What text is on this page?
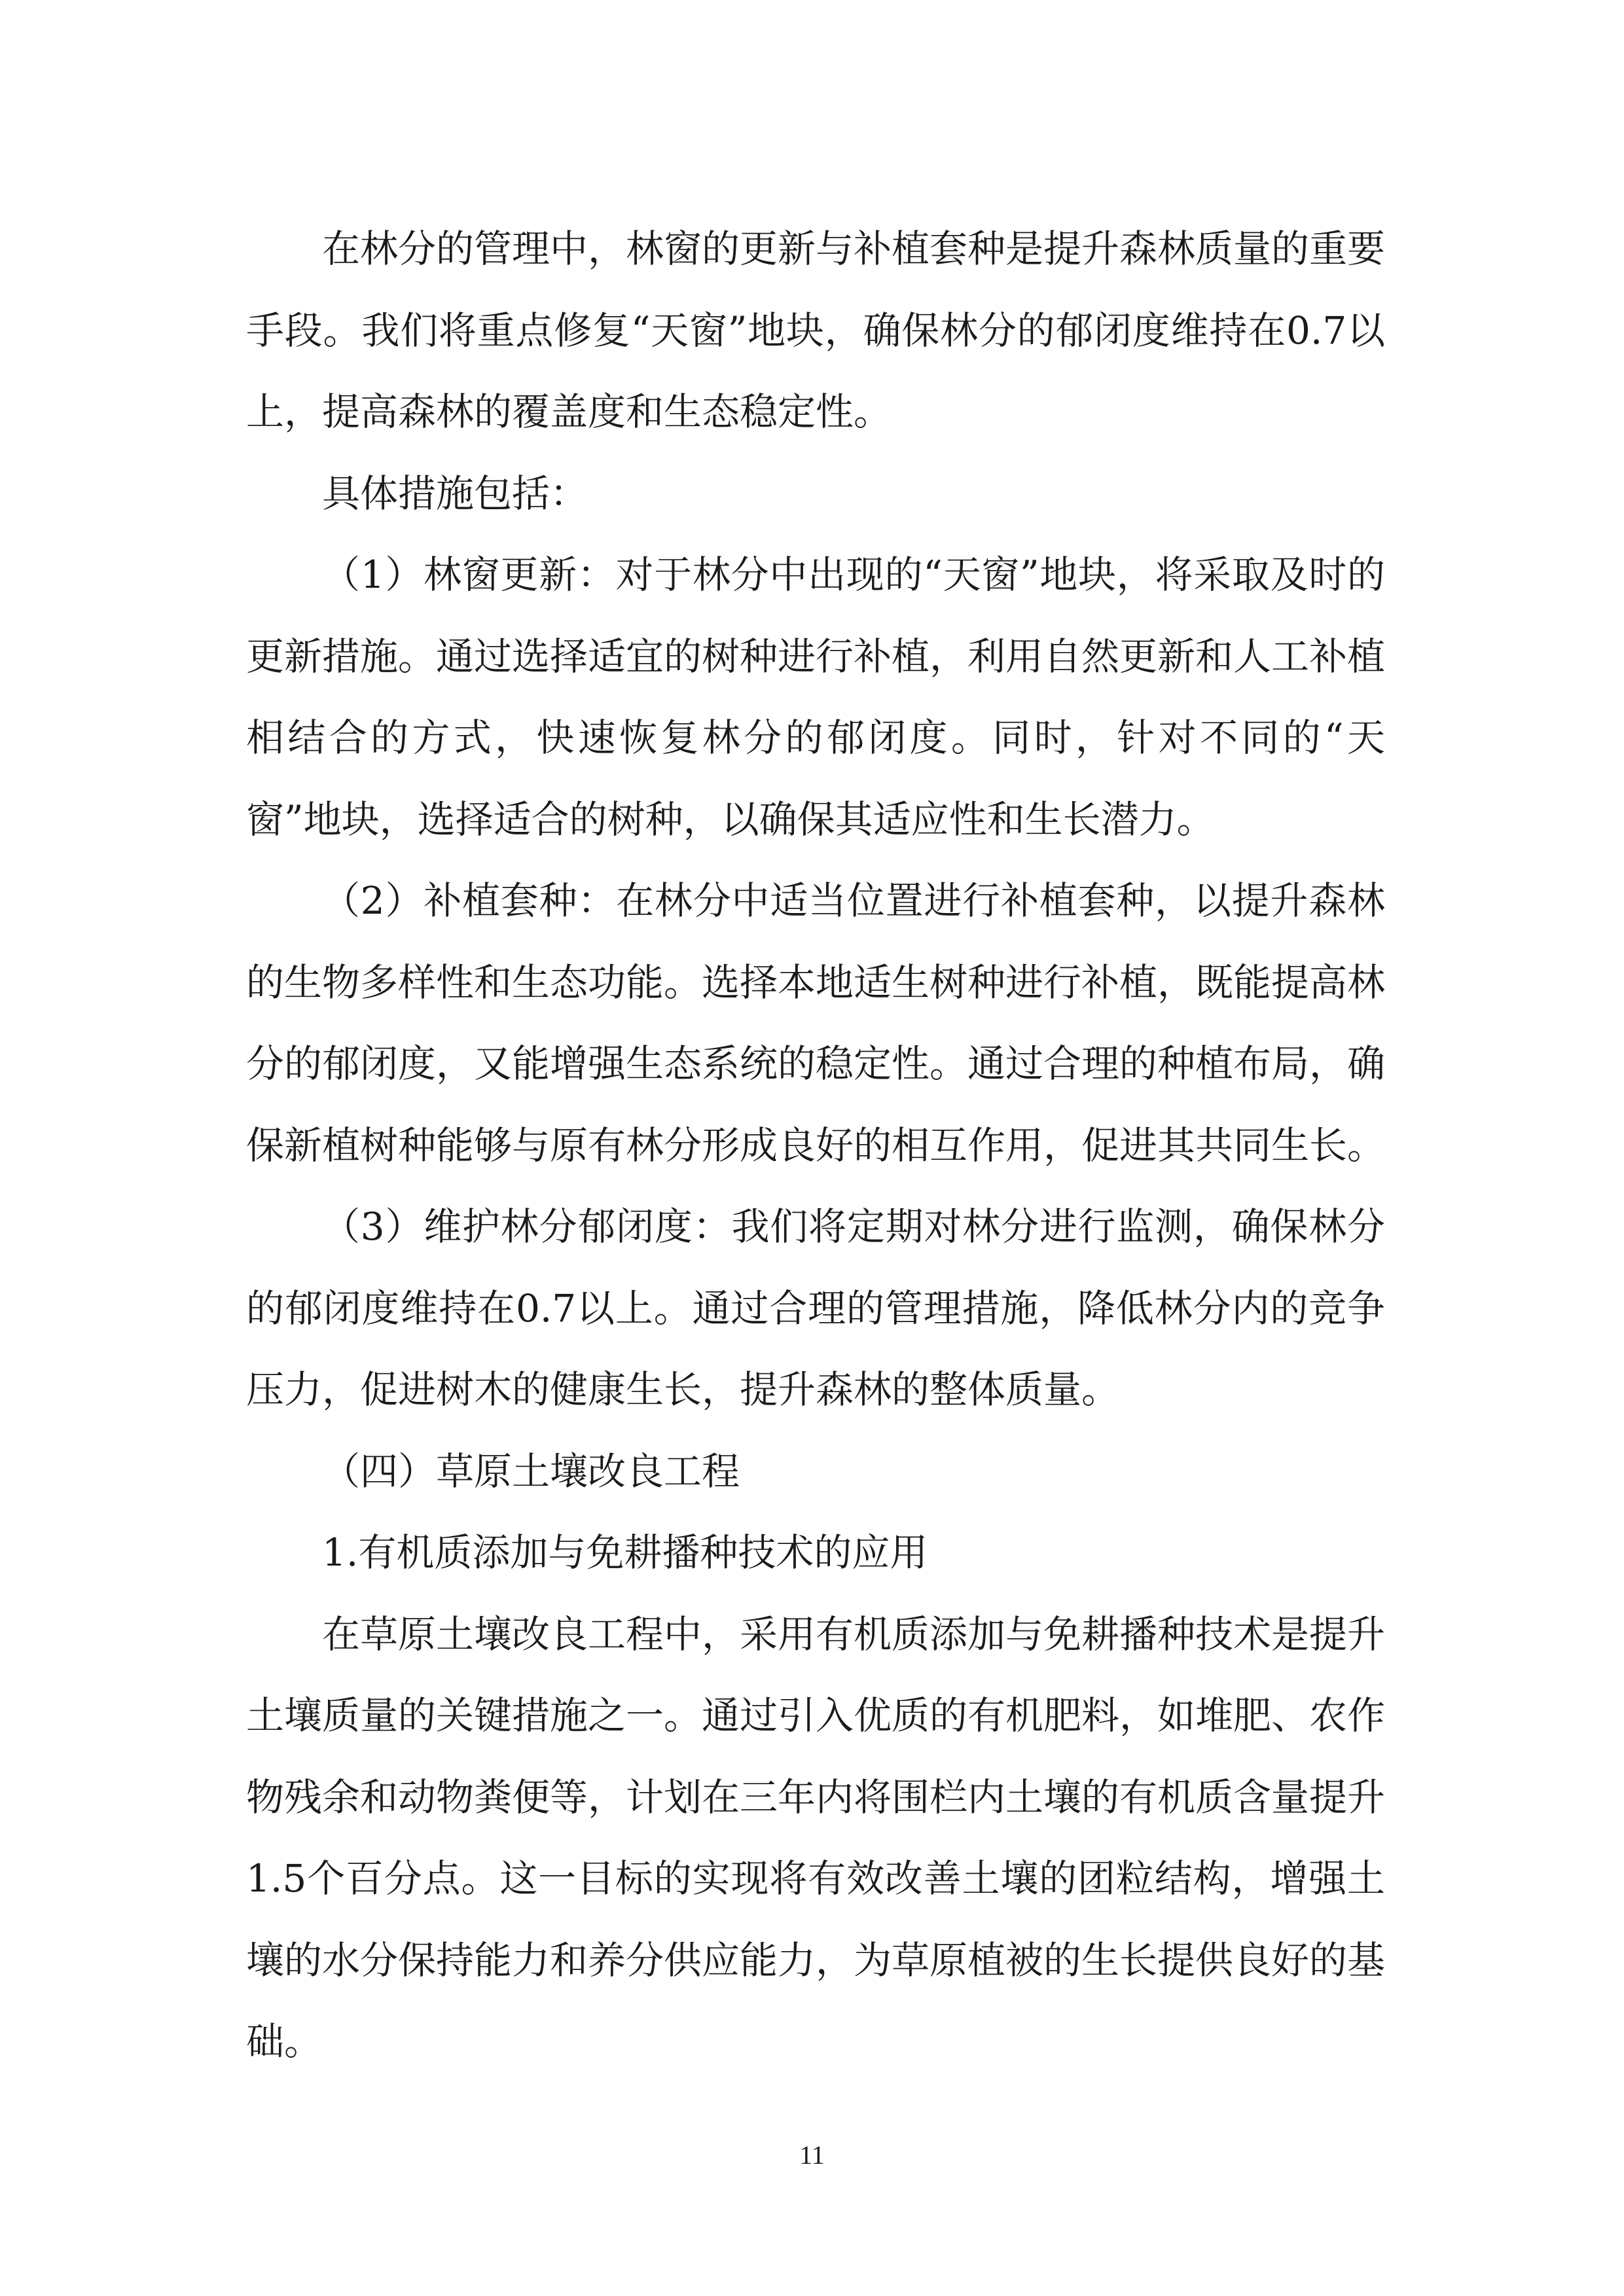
在林分的管理中，林窗的更新与补植套种是提升森林质量的重要手段。我们将重点修复“天窗”地块，确保林分的郁闭度维持在0.7以上，提高森林的覆盖度和生态稳定性。

具体措施包括：

（1）林窗更新：对于林分中出现的“天窗”地块，将采取及时的更新措施。通过选择适宜的树种进行补植，利用自然更新和人工补植相结合的方式，快速恢复林分的郁闭度。同时，针对不同的“天窗”地块，选择适合的树种，以确保其适应性和生长潜力。

（2）补植套种：在林分中适当位置进行补植套种，以提升森林的生物多样性和生态功能。选择本地适生树种进行补植，既能提高林分的郁闭度，又能增强生态系统的稳定性。通过合理的种植布局，确保新植树种能够与原有林分形成良好的相互作用，促进其共同生长。

（3）维护林分郁闭度：我们将定期对林分进行监测，确保林分的郁闭度维持在0.7以上。通过合理的管理措施，降低林分内的竞争压力，促进树木的健康生长，提升森林的整体质量。

（四）草原土壤改良工程

1.有机质添加与免耕播种技术的应用

在草原土壤改良工程中，采用有机质添加与免耕播种技术是提升土壤质量的关键措施之一。通过引入优质的有机肥料，如堆肥、农作物残余和动物粪便等，计划在三年内将围栏内土壤的有机质含量提升1.5个百分点。这一目标的实现将有效改善土壤的团粒结构，增强土壤的水分保持能力和养分供应能力，为草原植被的生长提供良好的基础。

11
